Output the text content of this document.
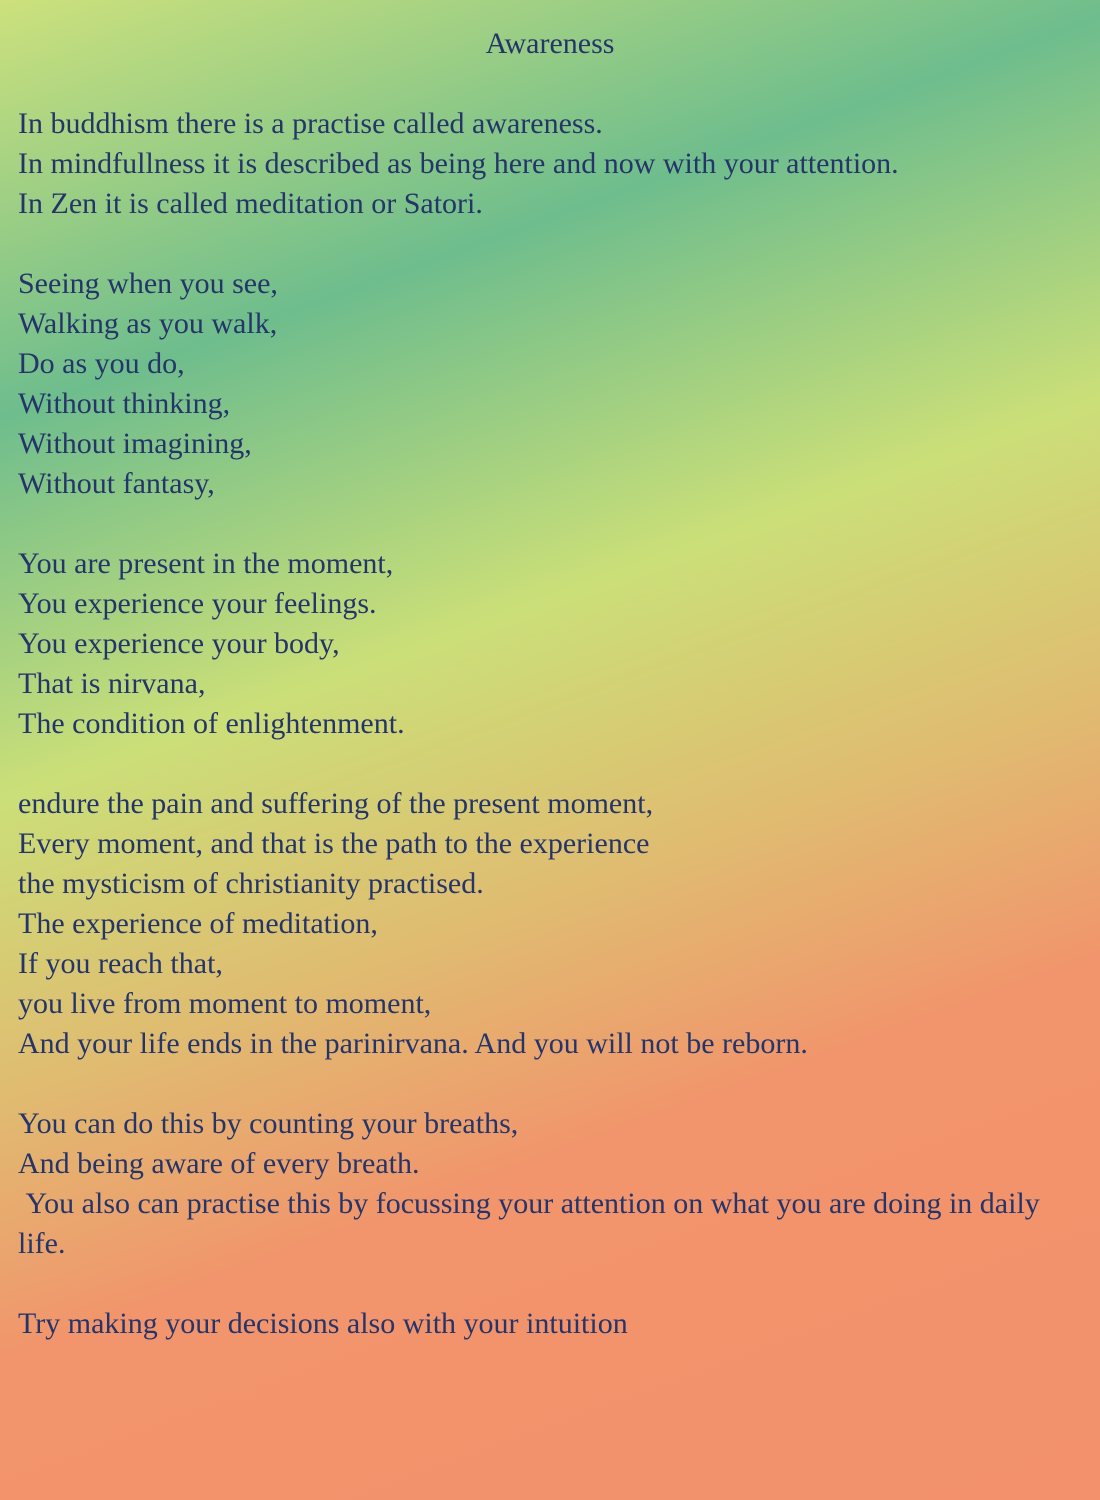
Awareness
In buddhism there is a practise called awareness.
In mindfullness it is described as being here and now with your attention.
In Zen it is called meditation or Satori.
Seeing when you see,
Walking as you walk,
Do as you do,
Without thinking,
Without imagining,
Without fantasy,
You are present in the moment,
You experience your feelings.
You experience your body,
That is nirvana,
The condition of enlightenment.
endure the pain and suffering of the present moment,
Every moment, and that is the path to the experience
the mysticism of christianity practised.
The experience of meditation,
If you reach that,
you live from moment to moment,
And your life ends in the parinirvana. And you will not be reborn.
You can do this by counting your breaths,
And being aware of every breath.
You also can practise this by focussing your attention on what you are doing in daily life.
Try making your decisions also with your intuition
